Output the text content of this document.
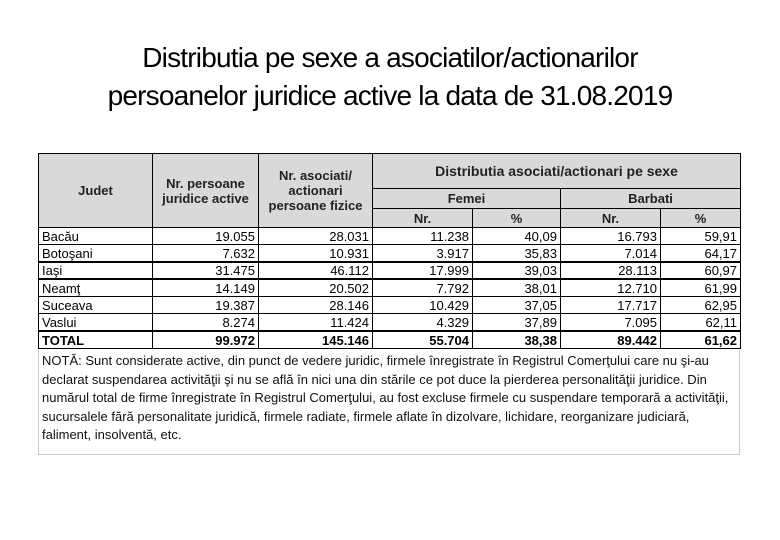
Distributia pe sexe a asociatilor/actionarilor
persoanelor juridice active la data de 31.08.2019
Judet	Nr. persoane juridice active	Nr. asociati/ actionari persoane fizice	Distributia asociati/actionari pe sexe			
			Femei		Barbati	
			Nr.	%	Nr.	%
Bacău	19.055	28.031	11.238	40,09	16.793	59,91
Botoşani	7.632	10.931	3.917	35,83	7.014	64,17
Iaşi	31.475	46.112	17.999	39,03	28.113	60,97
Neamţ	14.149	20.502	7.792	38,01	12.710	61,99
Suceava	19.387	28.146	10.429	37,05	17.717	62,95
Vaslui	8.274	11.424	4.329	37,89	7.095	62,11
TOTAL	99.972	145.146	55.704	38,38	89.442	61,62
NOTĂ: Sunt considerate active, din punct de vedere juridic, firmele înregistrate în Registrul Comerţului care nu şi-au declarat suspendarea activităţii şi nu se află în nici una din stările ce pot duce la pierderea personalităţii juridice. Din numărul total de firme înregistrate în Registrul Comerţului, au fost excluse firmele cu suspendare temporară a activităţii, sucursalele fără personalitate juridică, firmele radiate, firmele aflate în dizolvare, lichidare, reorganizare judiciară, faliment, insolventă, etc.
